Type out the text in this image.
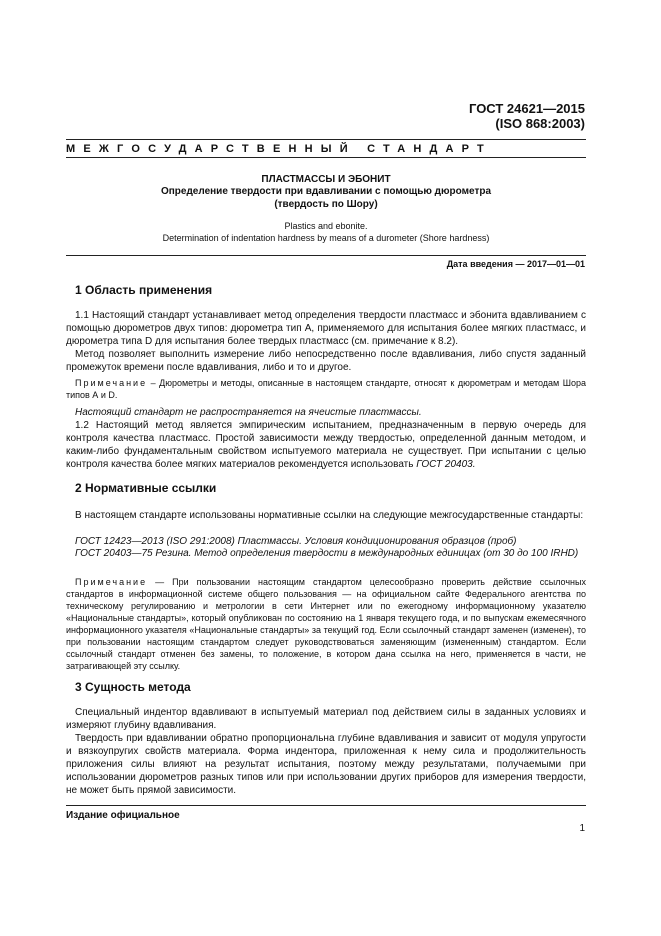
ГОСТ 24621—2015
(ISO 868:2003)
МЕЖГОСУДАРСТВЕННЫЙ СТАНДАРТ
ПЛАСТМАССЫ И ЭБОНИТ
Определение твердости при вдавливании с помощью дюрометра
(твердость по Шору)
Plastics and ebonite.
Determination of indentation hardness by means of a durometer (Shore hardness)
Дата введения — 2017—01—01
1 Область применения
1.1 Настоящий стандарт устанавливает метод определения твердости пластмасс и эбонита вдавливанием с помощью дюрометров двух типов: дюрометра тип А, применяемого для испытания более мягких пластмасс, и дюрометра типа D для испытания более твердых пластмасс (см. примечание к 8.2).
Метод позволяет выполнить измерение либо непосредственно после вдавливания, либо спустя заданный промежуток времени после вдавливания, либо и то и другое.
Примечание – Дюрометры и методы, описанные в настоящем стандарте, относят к дюрометрам и методам Шора типов А и D.
Настоящий стандарт не распространяется на ячеистые пластмассы.
1.2 Настоящий метод является эмпирическим испытанием, предназначенным в первую очередь для контроля качества пластмасс. Простой зависимости между твердостью, определенной данным методом, и каким-либо фундаментальным свойством испытуемого материала не существует. При испытании с целью контроля качества более мягких материалов рекомендуется использовать ГОСТ 20403.
2 Нормативные ссылки
В настоящем стандарте использованы нормативные ссылки на следующие межгосударственные стандарты:
ГОСТ 12423—2013 (ISO 291:2008) Пластмассы. Условия кондиционирования образцов (проб)
ГОСТ 20403—75 Резина. Метод определения твердости в международных единицах (от 30 до 100 IRHD)
Примечание — При пользовании настоящим стандартом целесообразно проверить действие ссылочных стандартов в информационной системе общего пользования — на официальном сайте Федерального агентства по техническому регулированию и метрологии в сети Интернет или по ежегодному информационному указателю «Национальные стандарты», который опубликован по состоянию на 1 января текущего года, и по выпускам ежемесячного информационного указателя «Национальные стандарты» за текущий год. Если ссылочный стандарт заменен (изменен), то при пользовании настоящим стандартом следует руководствоваться заменяющим (измененным) стандартом. Если ссылочный стандарт отменен без замены, то положение, в котором дана ссылка на него, применяется в части, не затрагивающей эту ссылку.
3 Сущность метода
Специальный индентор вдавливают в испытуемый материал под действием силы в заданных условиях и измеряют глубину вдавливания.
Твердость при вдавливании обратно пропорциональна глубине вдавливания и зависит от модуля упругости и вязкоупругих свойств материала. Форма индентора, приложенная к нему сила и продолжительность приложения силы влияют на результат испытания, поэтому между результатами, получаемыми при использовании дюрометров разных типов или при использовании других приборов для измерения твердости, не может быть прямой зависимости.
Издание официальное
1
